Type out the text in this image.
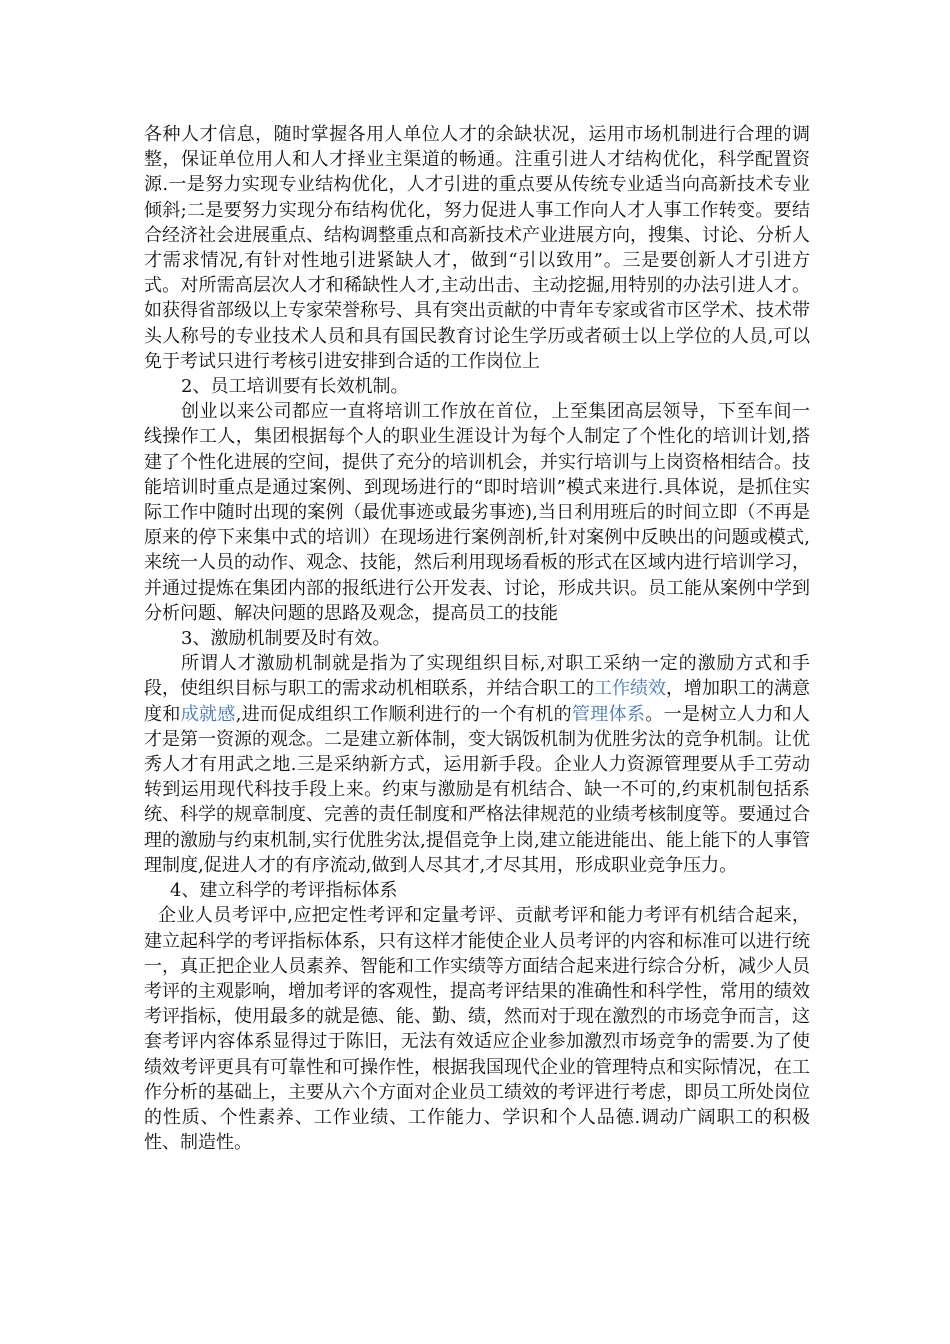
各种人才信息，随时掌握各用人单位人才的余缺状况，运用市场机制进行合理的调整，保证单位用人和人才择业主渠道的畅通。注重引进人才结构优化，科学配置资源.一是努力实现专业结构优化，人才引进的重点要从传统专业适当向高新技术专业倾斜;二是要努力实现分布结构优化，努力促进人事工作向人才人事工作转变。要结合经济社会进展重点、结构调整重点和高新技术产业进展方向，搜集、讨论、分析人才需求情况,有针对性地引进紧缺人才，做到“引以致用”。三是要创新人才引进方式。对所需高层次人才和稀缺性人才,主动出击、主动挖掘,用特别的办法引进人才。如获得省部级以上专家荣誉称号、具有突出贡献的中青年专家或省市区学术、技术带头人称号的专业技术人员和具有国民教育讨论生学历或者硕士以上学位的人员,可以免于考试只进行考核引进安排到合适的工作岗位上

2、员工培训要有长效机制。

创业以来公司都应一直将培训工作放在首位，上至集团高层领导，下至车间一线操作工人，集团根据每个人的职业生涯设计为每个人制定了个性化的培训计划,搭建了个性化进展的空间，提供了充分的培训机会，并实行培训与上岗资格相结合。技能培训时重点是通过案例、到现场进行的“即时培训”模式来进行.具体说，是抓住实际工作中随时出现的案例（最优事迹或最劣事迹),当日利用班后的时间立即（不再是原来的停下来集中式的培训）在现场进行案例剖析,针对案例中反映出的问题或模式,来统一人员的动作、观念、技能，然后利用现场看板的形式在区域内进行培训学习，并通过提炼在集团内部的报纸进行公开发表、讨论，形成共识。员工能从案例中学到分析问题、解决问题的思路及观念，提高员工的技能

3、激励机制要及时有效。

所谓人才激励机制就是指为了实现组织目标,对职工采纳一定的激励方式和手段，使组织目标与职工的需求动机相联系，并结合职工的工作绩效，增加职工的满意度和成就感,进而促成组织工作顺利进行的一个有机的管理体系。一是树立人力和人才是第一资源的观念。二是建立新体制，变大锅饭机制为优胜劣汰的竞争机制。让优秀人才有用武之地.三是采纳新方式，运用新手段。企业人力资源管理要从手工劳动转到运用现代科技手段上来。约束与激励是有机结合、缺一不可的,约束机制包括系统、科学的规章制度、完善的责任制度和严格法律规范的业绩考核制度等。要通过合理的激励与约束机制,实行优胜劣汰,提倡竞争上岗,建立能进能出、能上能下的人事管理制度,促进人才的有序流动,做到人尽其才,才尽其用，形成职业竞争压力。

4、建立科学的考评指标体系

企业人员考评中,应把定性考评和定量考评、贡献考评和能力考评有机结合起来，建立起科学的考评指标体系，只有这样才能使企业人员考评的内容和标准可以进行统一，真正把企业人员素养、智能和工作实绩等方面结合起来进行综合分析，减少人员考评的主观影响，增加考评的客观性，提高考评结果的准确性和科学性，常用的绩效考评指标，使用最多的就是德、能、勤、绩，然而对于现在激烈的市场竞争而言，这套考评内容体系显得过于陈旧，无法有效适应企业参加激烈市场竞争的需要.为了使绩效考评更具有可靠性和可操作性，根据我国现代企业的管理特点和实际情况，在工作分析的基础上，主要从六个方面对企业员工绩效的考评进行考虑，即员工所处岗位的性质、个性素养、工作业绩、工作能力、学识和个人品德.调动广阔职工的积极性、制造性。
